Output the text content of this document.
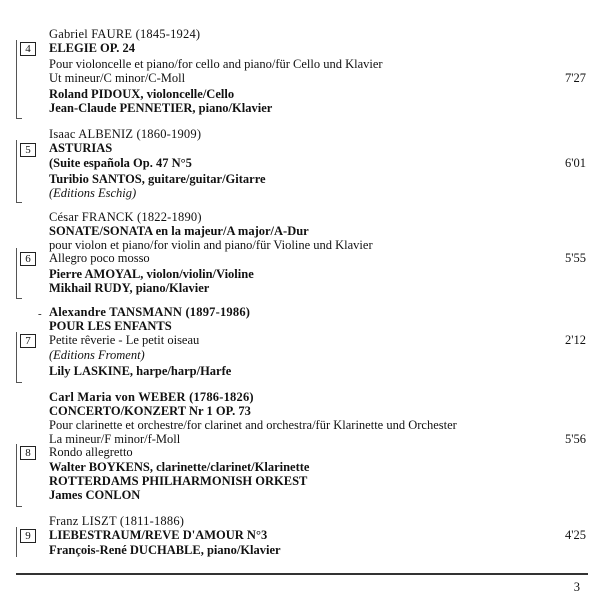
Gabriel FAURE (1845-1924)
4	ELEGIE OP. 24
Pour violoncelle et piano/for cello and piano/für Cello und Klavier
Ut mineur/C minor/C-Moll	7'27
Roland PIDOUX, violoncelle/Cello
Jean-Claude PENNETIER, piano/Klavier
Isaac ALBENIZ (1860-1909)
5	ASTURIAS
(Suite española Op. 47 N°5	6'01
Turibio SANTOS, guitare/guitar/Gitarre
(Editions Eschig)
César FRANCK (1822-1890)
SONATE/SONATA en la majeur/A major/A-Dur
pour violon et piano/for violin and piano/für Violine und Klavier
6	Allegro poco mosso	5'55
Pierre AMOYAL, violon/violin/Violine
Mikhail RUDY, piano/Klavier
- Alexandre TANSMANN (1897-1986)
POUR LES ENFANTS
7	Petite rêverie - Le petit oiseau	2'12
(Editions Froment)
Lily LASKINE, harpe/harp/Harfe
Carl Maria von WEBER (1786-1826)
CONCERTO/KONZERT Nr 1 OP. 73
Pour clarinette et orchestre/for clarinet and orchestra/für Klarinette und Orchester
La mineur/F minor/f-Moll	5'56
8	Rondo allegretto
Walter BOYKENS, clarinette/clarinet/Klarinette
ROTTERDAMS PHILHARMONISH ORKEST
James CONLON
Franz LISZT (1811-1886)
9	LIEBESTRAUM/REVE D'AMOUR N°3	4'25
François-René DUCHABLE, piano/Klavier
3
